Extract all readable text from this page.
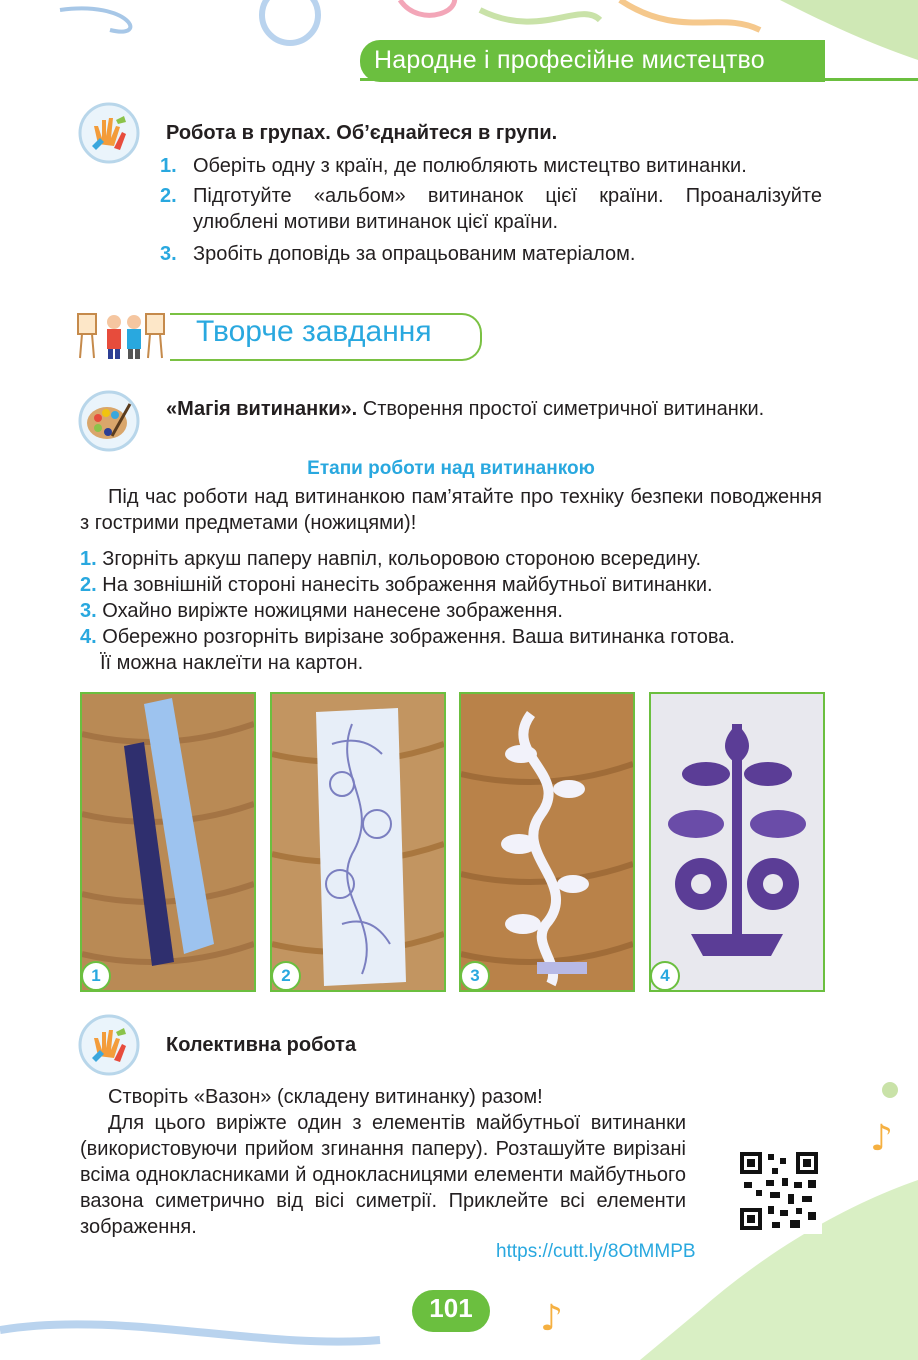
♪
♪
Народне і професійне мистецтво
Робота в групах. Об’єднайтеся в групи.
1. Оберіть одну з країн, де полюбляють мистецтво витинанки.
2. Підготуйте «альбом» витинанок цієї країни. Проаналізуйте улюблені мотиви витинанок цієї країни.
3. Зробіть доповідь за опрацьованим матеріалом.
Творче завдання
«Магія витинанки». Створення простої симетричної витинанки.
Етапи роботи над витинанкою
Під час роботи над витинанкою пам’ятайте про техніку безпеки поводження з гострими предметами (ножицями)!
1. Згорніть аркуш паперу навпіл, кольоровою стороною всередину.
2. На зовнішній стороні нанесіть зображення майбутньої витинанки.
3. Охайно виріжте ножицями нанесене зображення.
4. Обережно розгорніть вирізане зображення. Ваша витинанка готова.
Її можна наклеїти на картон.
1	2	3	4
Колективна робота
Створіть «Вазон» (складену витинанку) разом!
Для цього виріжте один з елементів майбутньої витинанки (використовуючи прийом згинання паперу). Розташуйте вирізані всіма однокласниками й однокласницями елементи майбутнього вазона симетрично від вісі симетрії. Приклейте всі елементи зображення.
https://cutt.ly/8OtMMPB
101
